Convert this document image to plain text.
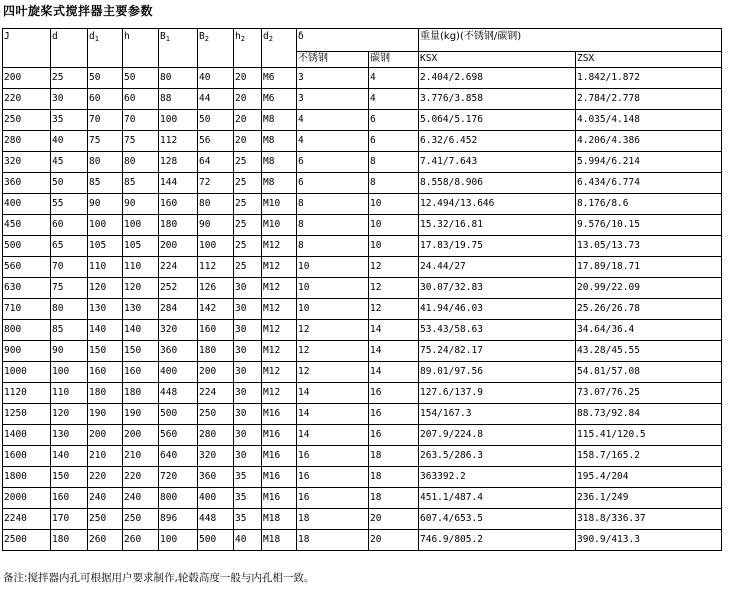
四叶旋桨式搅拌器主要参数
J	d	$d_1$	h	$B_1$	$B_2$	$h_2$	$d_2$	δ		重量(kg)(不锈钢/碳钢)	
								不锈钢	碳钢	KSX	ZSX
200	25	50	50	80	40	20	M6	3	4	2.404/2.698	1.842/1.872
220	30	60	60	88	44	20	M6	3	4	3.776/3.858	2.784/2.778
250	35	70	70	100	50	20	M8	4	6	5.064/5.176	4.035/4.148
280	40	75	75	112	56	20	M8	4	6	6.32/6.452	4.206/4.386
320	45	80	80	128	64	25	M8	6	8	7.41/7.643	5.994/6.214
360	50	85	85	144	72	25	M8	6	8	8.558/8.906	6.434/6.774
400	55	90	90	160	80	25	M10	8	10	12.494/13.646	8.176/8.6
450	60	100	100	180	90	25	M10	8	10	15.32/16.81	9.576/10.15
500	65	105	105	200	100	25	M12	8	10	17.83/19.75	13.05/13.73
560	70	110	110	224	112	25	M12	10	12	24.44/27	17.89/18.71
630	75	120	120	252	126	30	M12	10	12	30.07/32.83	20.99/22.09
710	80	130	130	284	142	30	M12	10	12	41.94/46.03	25.26/26.78
800	85	140	140	320	160	30	M12	12	14	53.43/58.63	34.64/36.4
900	90	150	150	360	180	30	M12	12	14	75.24/82.17	43.28/45.55
1000	100	160	160	400	200	30	M12	12	14	89.01/97.56	54.81/57.08
1120	110	180	180	448	224	30	M12	14	16	127.6/137.9	73.07/76.25
1250	120	190	190	500	250	30	M16	14	16	154/167.3	88.73/92.84
1400	130	200	200	560	280	30	M16	14	16	207.9/224.8	115.41/120.5
1600	140	210	210	640	320	30	M16	16	18	263.5/286.3	158.7/165.2
1800	150	220	220	720	360	35	M16	16	18	363392.2	195.4/204
2000	160	240	240	800	400	35	M16	16	18	451.1/487.4	236.1/249
2240	170	250	250	896	448	35	M18	18	20	607.4/653.5	318.8/336.37
2500	180	260	260	100	500	40	M18	18	20	746.9/805.2	390.9/413.3
备注:搅拌器内孔可根据用户要求制作,轮毂高度一般与内孔相一致。
